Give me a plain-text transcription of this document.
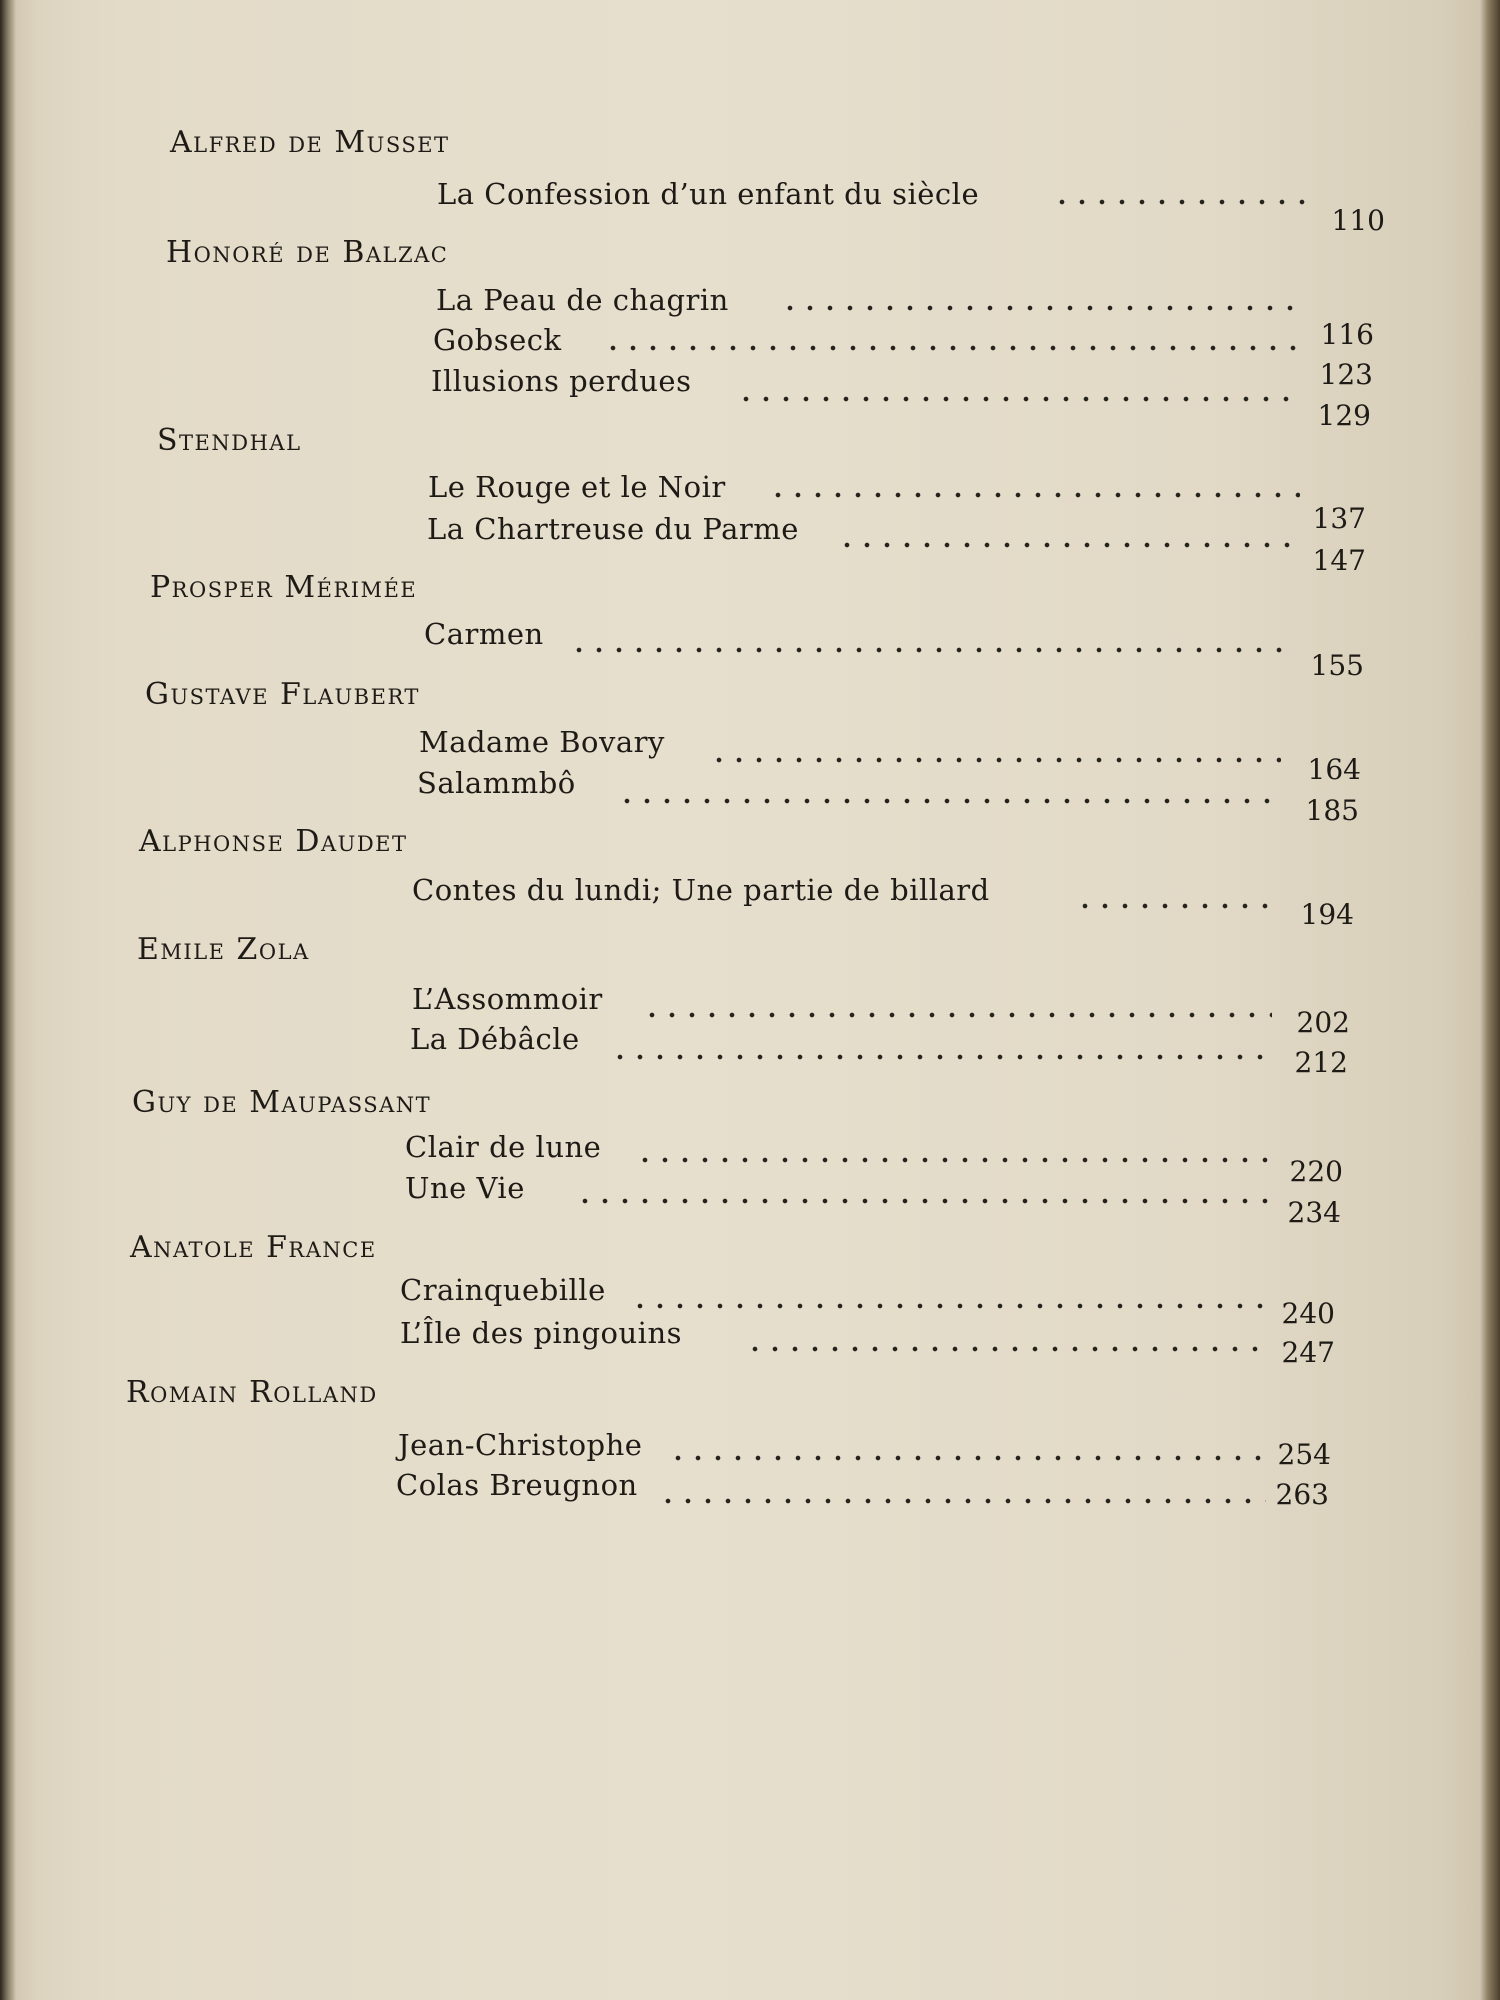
Alfred de Musset
La Confession d’un enfant du siècle
110
Honoré de Balzac
La Peau de chagrin
116
Gobseck
123
Illusions perdues
129
Stendhal
Le Rouge et le Noir
137
La Chartreuse du Parme
147
Prosper Mérimée
Carmen
155
Gustave Flaubert
Madame Bovary
164
Salammbô
185
Alphonse Daudet
Contes du lundi; Une partie de billard
194
Emile Zola
L’Assommoir
202
La Débâcle
212
Guy de Maupassant
Clair de lune
220
Une Vie
234
Anatole France
Crainquebille
240
L’Île des pingouins
247
Romain Rolland
Jean-Christophe	254
Colas Breugnon	263
